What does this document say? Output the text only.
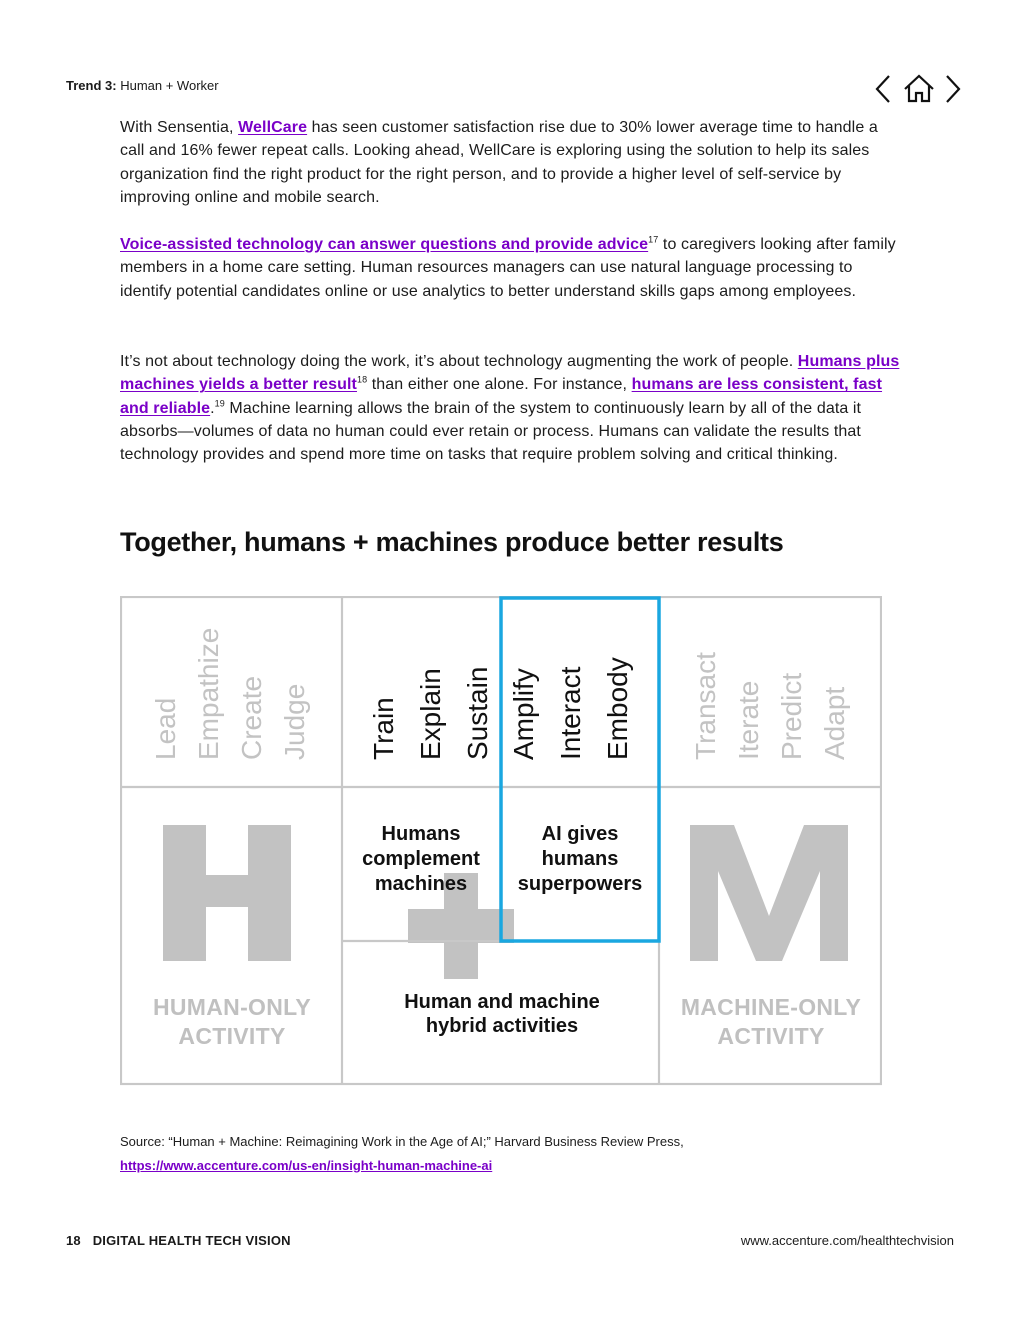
Trend 3: Human + Worker

With Sensentia, WellCare has seen customer satisfaction rise due to 30% lower average time to handle a call and 16% fewer repeat calls. Looking ahead, WellCare is exploring using the solution to help its sales organization find the right product for the right person, and to provide a higher level of self-service by improving online and mobile search.

Voice-assisted technology can answer questions and provide advice$^{17}$ to caregivers looking after family members in a home care setting. Human resources managers can use natural language processing to identify potential candidates online or use analytics to better understand skills gaps among employees.

It’s not about technology doing the work, it’s about technology augmenting the work of people. Humans plus machines yields a better result$^{18}$ than either one alone. For instance, humans are less consistent, fast and reliable.$^{19}$ Machine learning allows the brain of the system to continuously learn by all of the data it absorbs—volumes of data no human could ever retain or process. Humans can validate the results that technology provides and spend more time on tasks that require problem solving and critical thinking.

Together, humans + machines produce better results
Lead Empathize Create Judge Train Explain Sustain Amplify Interact Embody Transact Iterate Predict Adapt
Humans
complement
machines
AI gives
humans
superpowers
Human and machine
hybrid activities
HUMAN-ONLY
ACTIVITY
MACHINE-ONLY
ACTIVITY
Source: “Human + Machine: Reimagining Work in the Age of AI;” Harvard Business Review Press,
https://www.accenture.com/us-en/insight-human-machine-ai
18 DIGITAL HEALTH TECH VISION	www.accenture.com/healthtechvision
